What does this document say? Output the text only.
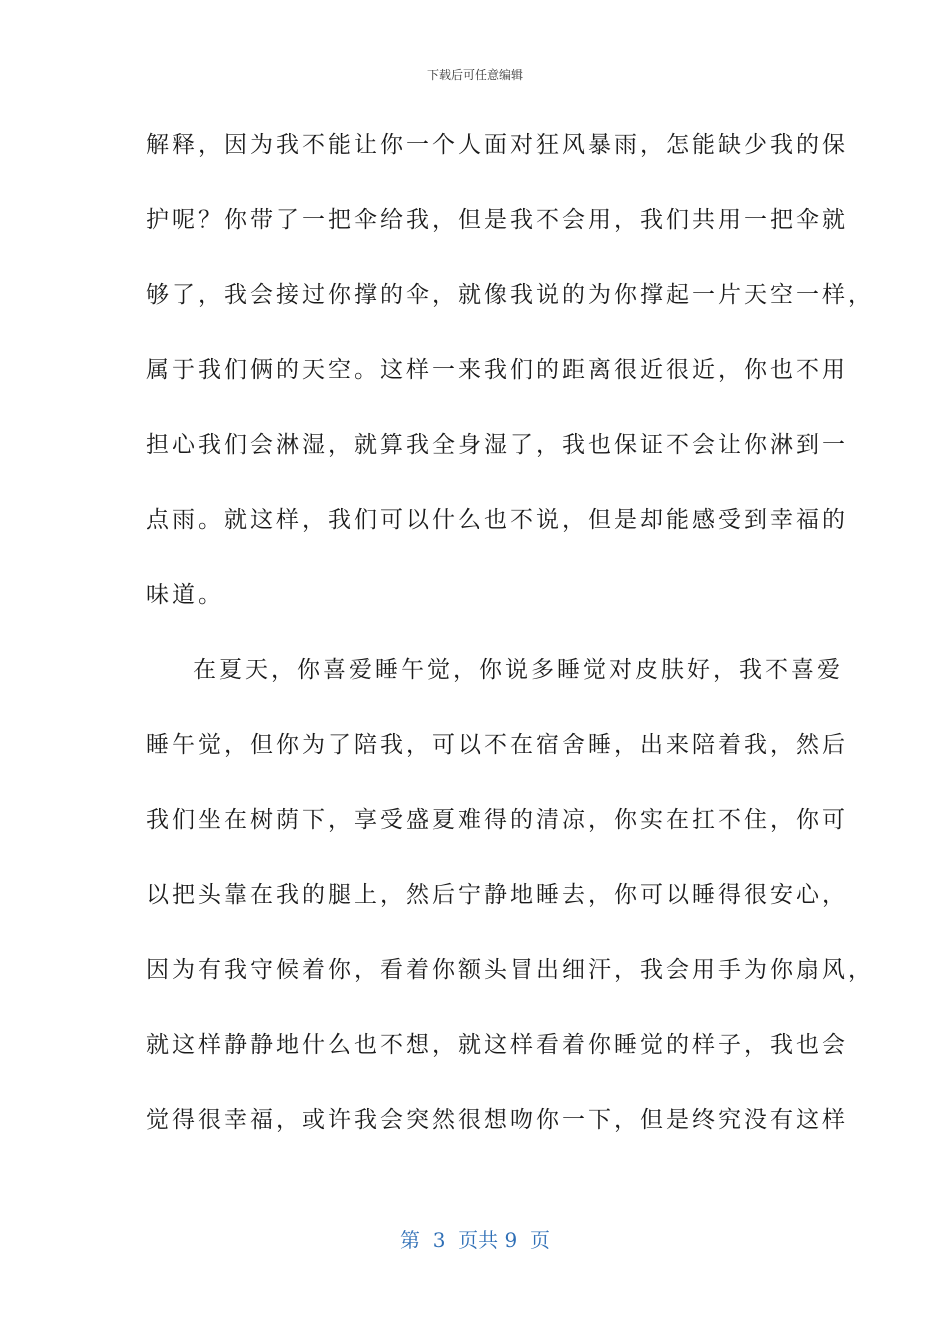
下载后可任意编辑
解释，因为我不能让你一个人面对狂风暴雨，怎能缺少我的保
护呢？你带了一把伞给我，但是我不会用，我们共用一把伞就
够了，我会接过你撑的伞，就像我说的为你撑起一片天空一样，
属于我们俩的天空。这样一来我们的距离很近很近，你也不用
担心我们会淋湿，就算我全身湿了，我也保证不会让你淋到一
点雨。就这样，我们可以什么也不说，但是却能感受到幸福的
味道。
在夏天，你喜爱睡午觉，你说多睡觉对皮肤好，我不喜爱
睡午觉，但你为了陪我，可以不在宿舍睡，出来陪着我，然后
我们坐在树荫下，享受盛夏难得的清凉，你实在扛不住，你可
以把头靠在我的腿上，然后宁静地睡去，你可以睡得很安心，
因为有我守候着你，看着你额头冒出细汗，我会用手为你扇风，
就这样静静地什么也不想，就这样看着你睡觉的样子，我也会
觉得很幸福，或许我会突然很想吻你一下，但是终究没有这样
第  3  页共 9  页
